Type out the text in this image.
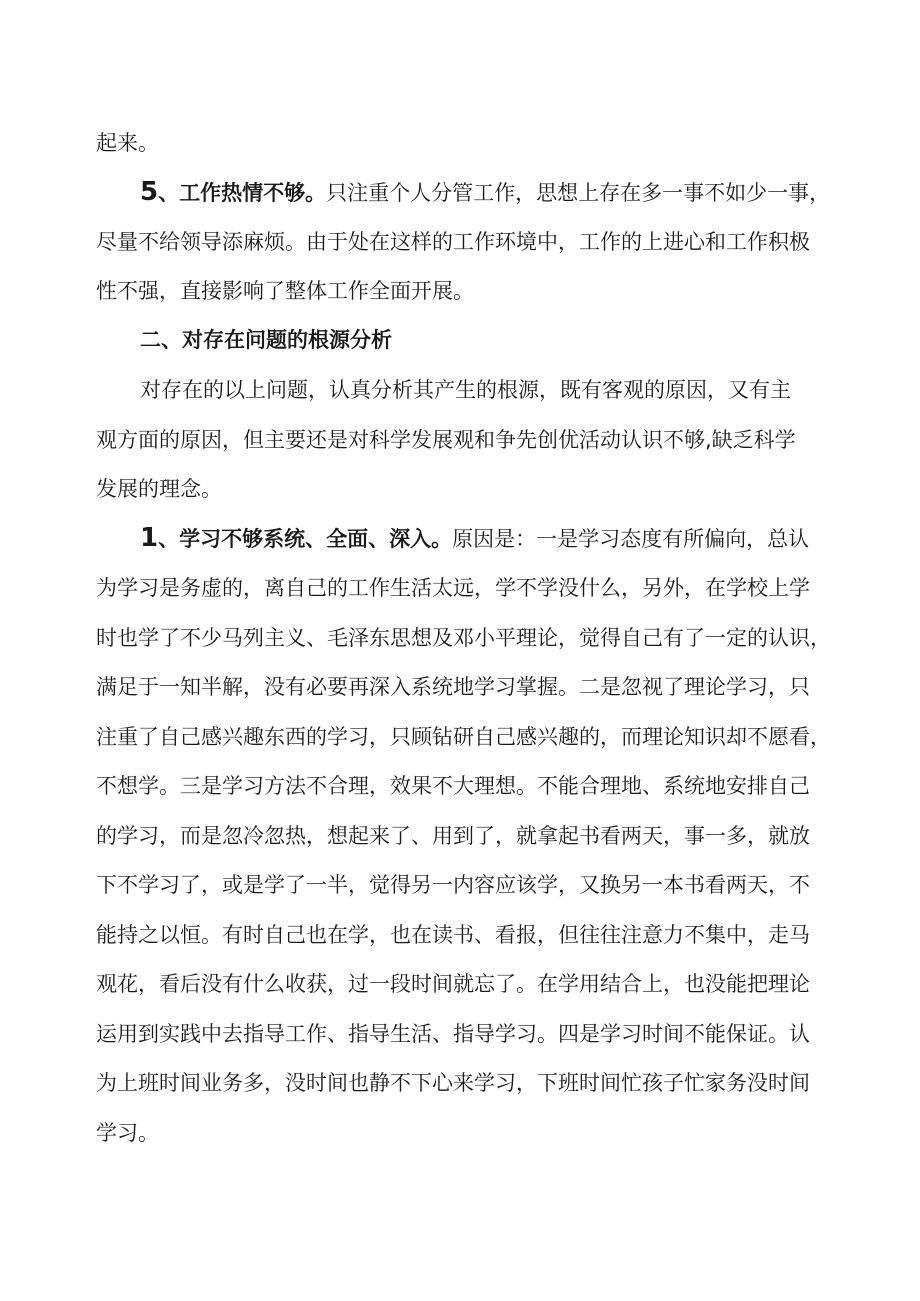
起来。
5、工作热情不够。只注重个人分管工作，思想上存在多一事不如少一事，
尽量不给领导添麻烦。由于处在这样的工作环境中，工作的上进心和工作积极
性不强，直接影响了整体工作全面开展。
二、对存在问题的根源分析
对存在的以上问题，认真分析其产生的根源，既有客观的原因，又有主
观方面的原因，但主要还是对科学发展观和争先创优活动认识不够,缺乏科学
发展的理念。
1、学习不够系统、全面、深入。原因是：一是学习态度有所偏向，总认
为学习是务虚的，离自己的工作生活太远，学不学没什么，另外，在学校上学
时也学了不少马列主义、毛泽东思想及邓小平理论，觉得自己有了一定的认识，
满足于一知半解，没有必要再深入系统地学习掌握。二是忽视了理论学习，只
注重了自己感兴趣东西的学习，只顾钻研自己感兴趣的，而理论知识却不愿看，
不想学。三是学习方法不合理，效果不大理想。不能合理地、系统地安排自己
的学习，而是忽冷忽热，想起来了、用到了，就拿起书看两天，事一多，就放
下不学习了，或是学了一半，觉得另一内容应该学，又换另一本书看两天，不
能持之以恒。有时自己也在学，也在读书、看报，但往往注意力不集中，走马
观花，看后没有什么收获，过一段时间就忘了。在学用结合上，也没能把理论
运用到实践中去指导工作、指导生活、指导学习。四是学习时间不能保证。认
为上班时间业务多，没时间也静不下心来学习，下班时间忙孩子忙家务没时间
学习。
